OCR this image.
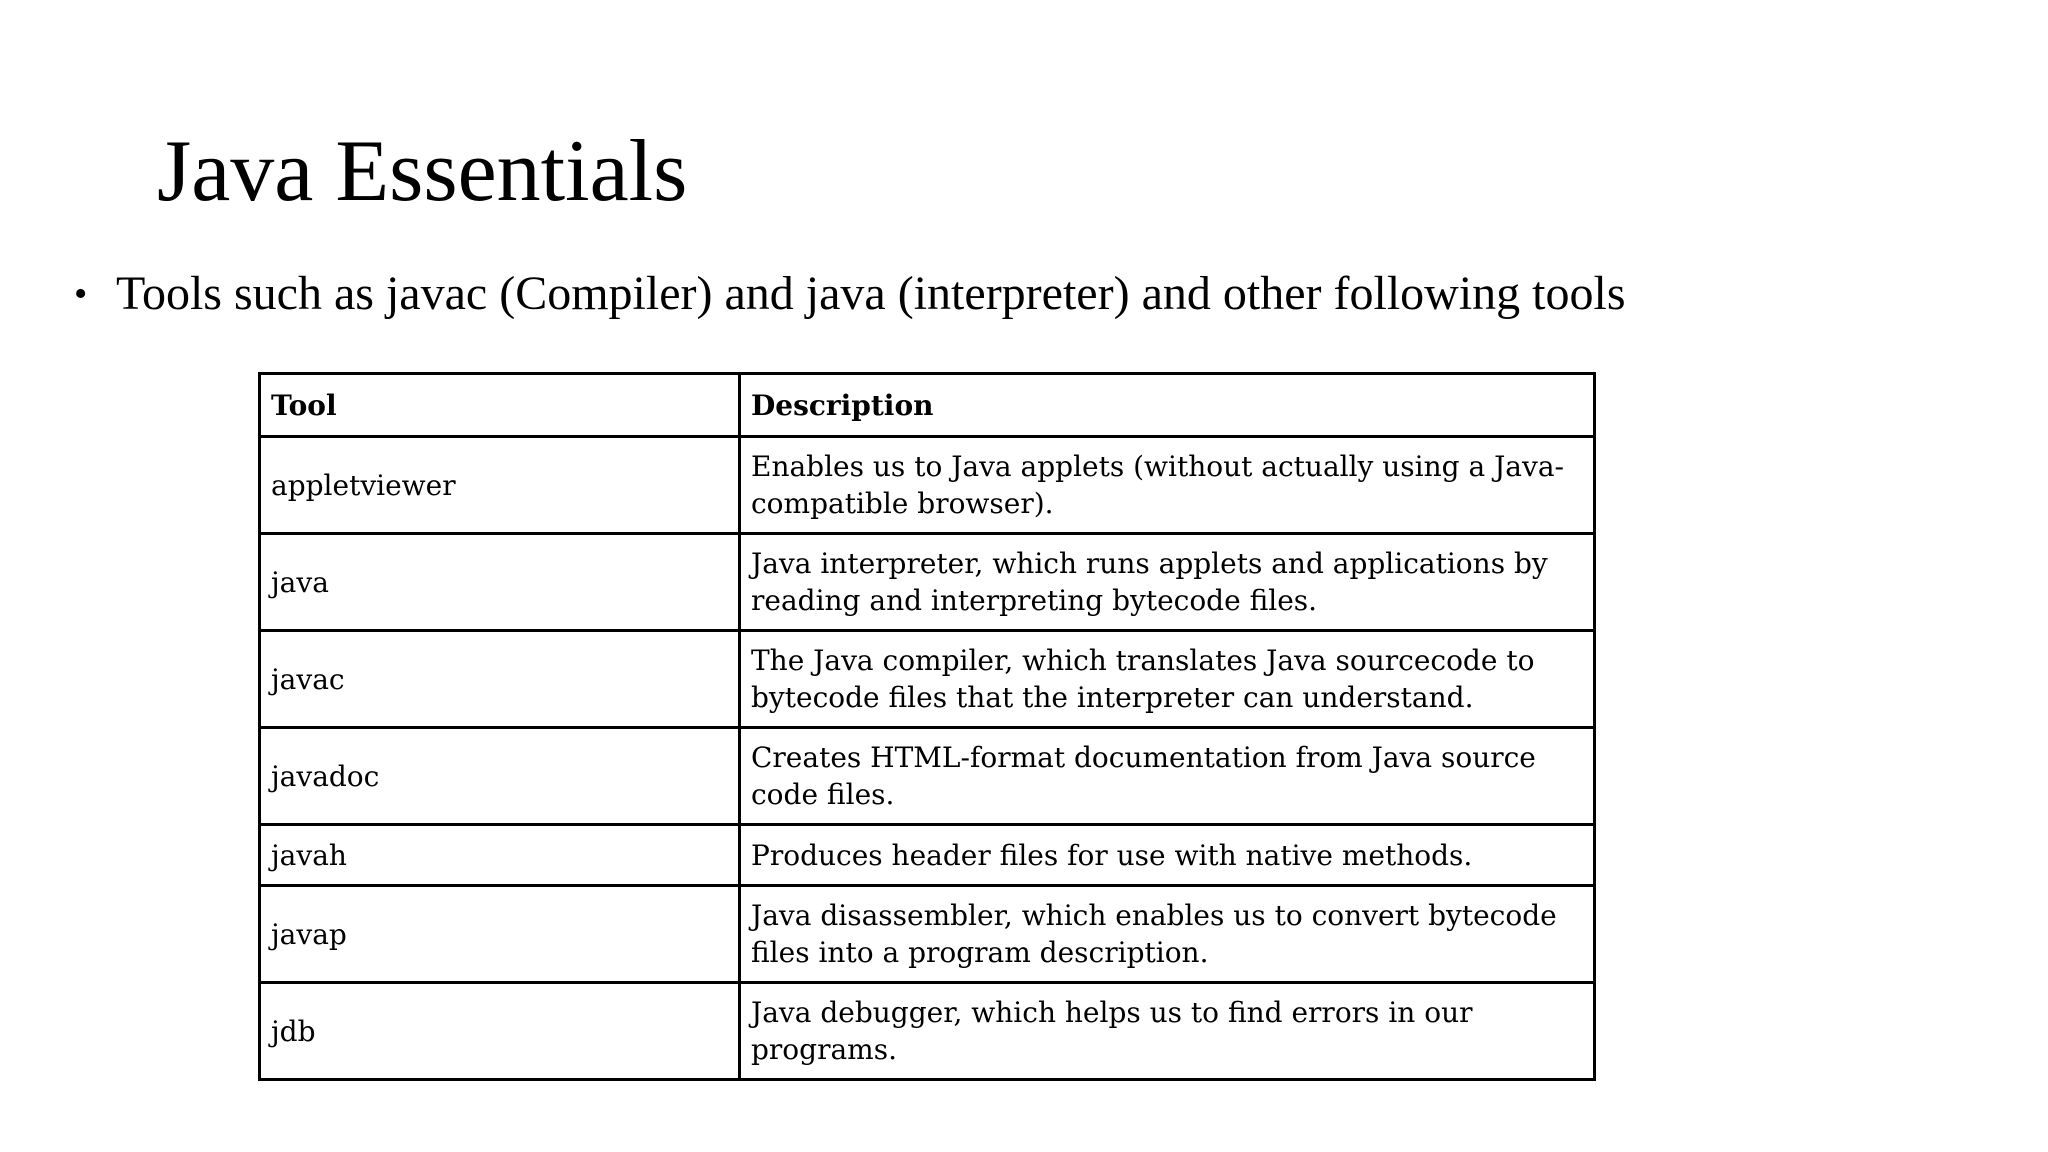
Java Essentials
• Tools such as javac (Compiler) and java (interpreter) and other following tools
Tool	Description
appletviewer	Enables us to Java applets (without actually using a Java-compatible browser).
java	Java interpreter, which runs applets and applications by reading and interpreting bytecode files.
javac	The Java compiler, which translates Java sourcecode to bytecode files that the interpreter can understand.
javadoc	Creates HTML-format documentation from Java source code files.
javah	Produces header files for use with native methods.
javap	Java disassembler, which enables us to convert bytecode files into a program description.
jdb	Java debugger, which helps us to find errors in our programs.
